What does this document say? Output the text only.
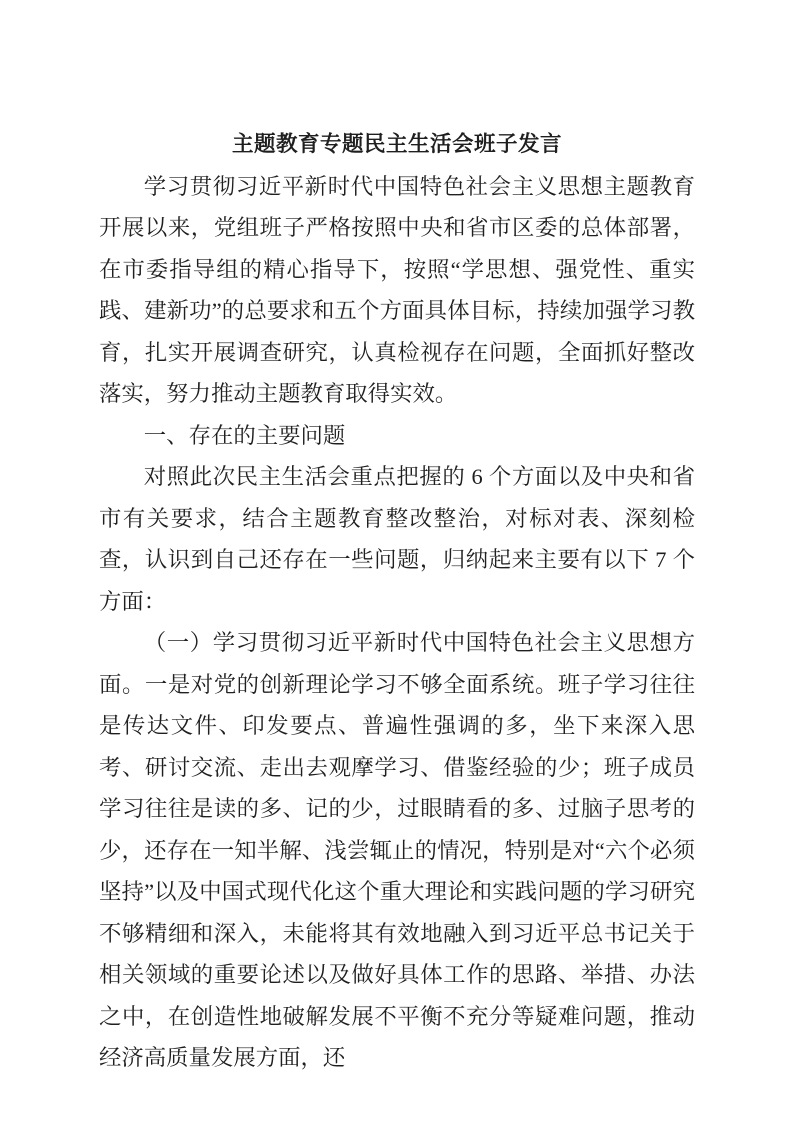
主题教育专题民主生活会班子发言

学习贯彻习近平新时代中国特色社会主义思想主题教育开展以来，党组班子严格按照中央和省市区委的总体部署，在市委指导组的精心指导下，按照“学思想、强党性、重实践、建新功”的总要求和五个方面具体目标，持续加强学习教育，扎实开展调查研究，认真检视存在问题，全面抓好整改落实，努力推动主题教育取得实效。

一、存在的主要问题

对照此次民主生活会重点把握的 6 个方面以及中央和省市有关要求，结合主题教育整改整治，对标对表、深刻检查，认识到自己还存在一些问题，归纳起来主要有以下 7 个方面：

（一）学习贯彻习近平新时代中国特色社会主义思想方面。一是对党的创新理论学习不够全面系统。班子学习往往是传达文件、印发要点、普遍性强调的多，坐下来深入思考、研讨交流、走出去观摩学习、借鉴经验的少；班子成员学习往往是读的多、记的少，过眼睛看的多、过脑子思考的少，还存在一知半解、浅尝辄止的情况，特别是对“六个必须坚持”以及中国式现代化这个重大理论和实践问题的学习研究不够精细和深入，未能将其有效地融入到习近平总书记关于相关领域的重要论述以及做好具体工作的思路、举措、办法之中，在创造性地破解发展不平衡不充分等疑难问题，推动经济高质量发展方面，还
